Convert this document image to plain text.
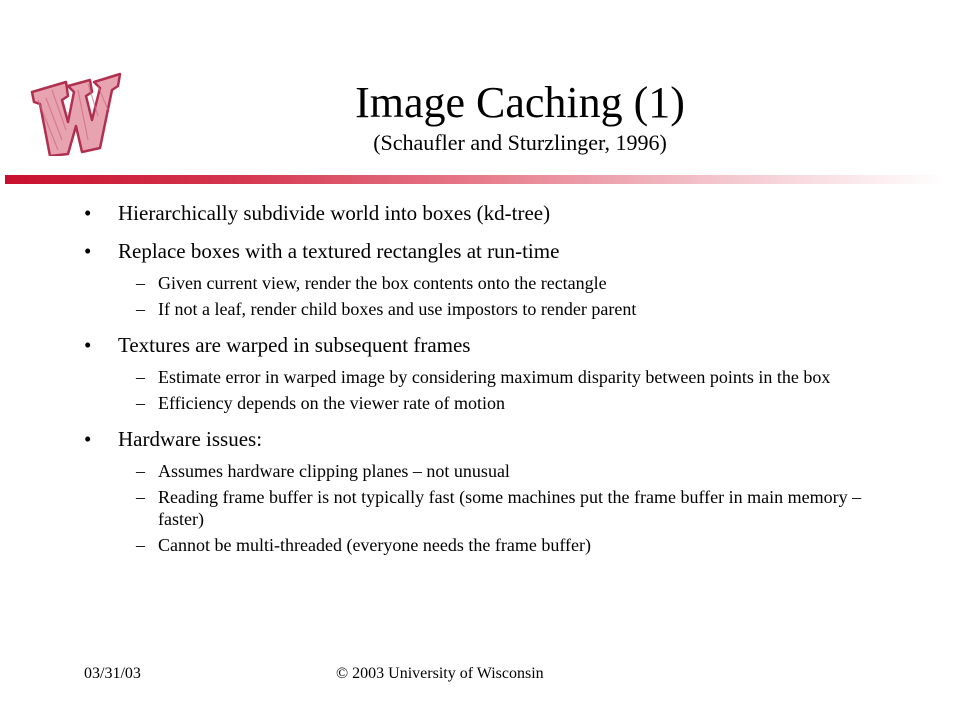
Image Caching (1)
(Schaufler and Sturzlinger, 1996)
• Hierarchically subdivide world into boxes (kd-tree)
• Replace boxes with a textured rectangles at run-time
– Given current view, render the box contents onto the rectangle
– If not a leaf, render child boxes and use impostors to render parent
• Textures are warped in subsequent frames
– Estimate error in warped image by considering maximum disparity between points in the box
– Efficiency depends on the viewer rate of motion
• Hardware issues:
– Assumes hardware clipping planes – not unusual
– Reading frame buffer is not typically fast (some machines put the frame buffer in main memory – faster)
– Cannot be multi-threaded (everyone needs the frame buffer)
03/31/03	© 2003 University of Wisconsin
